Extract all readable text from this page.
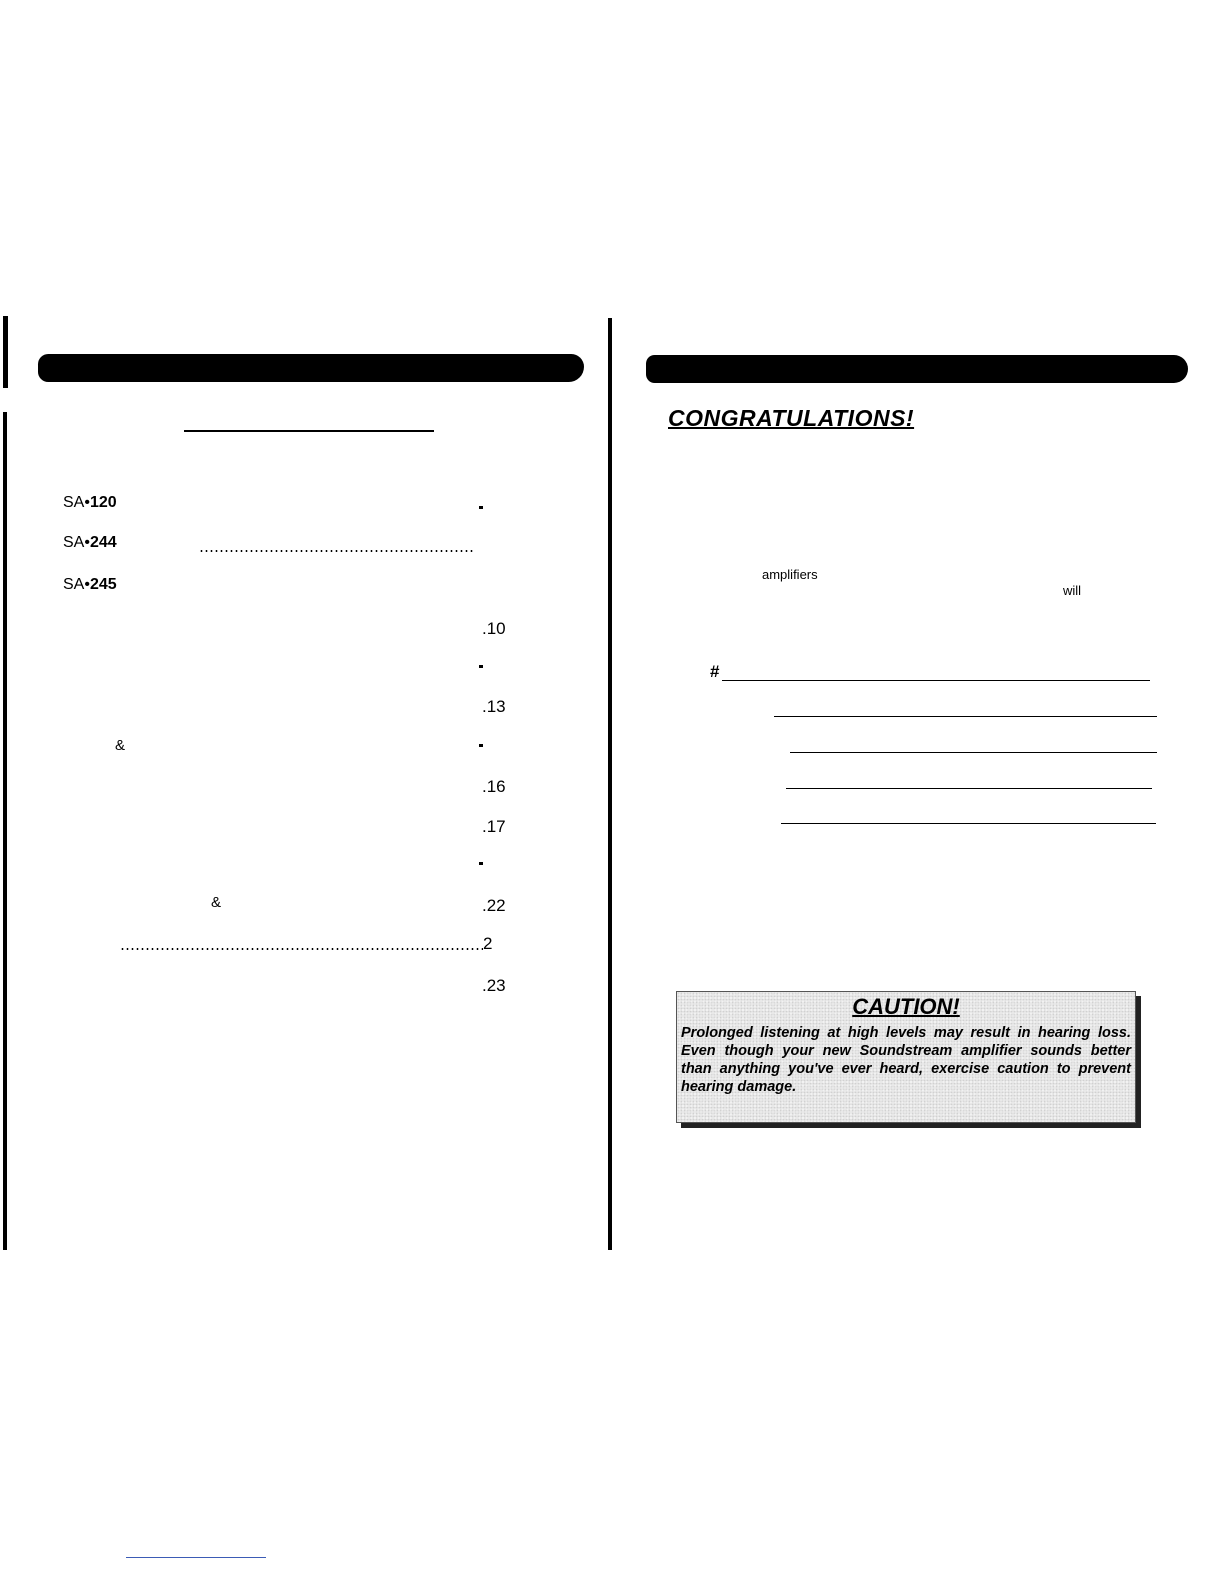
SA•120
SA•244
SA•245
.10
.13
&
.16
.17
&	.22
2
.23
CONGRATULATIONS!
amplifiers
will
#
CAUTION!
Prolonged listening at high levels may result in hearing loss. Even though your new Soundstream amplifier sounds better than anything you've ever heard, exercise caution to prevent hearing damage.
